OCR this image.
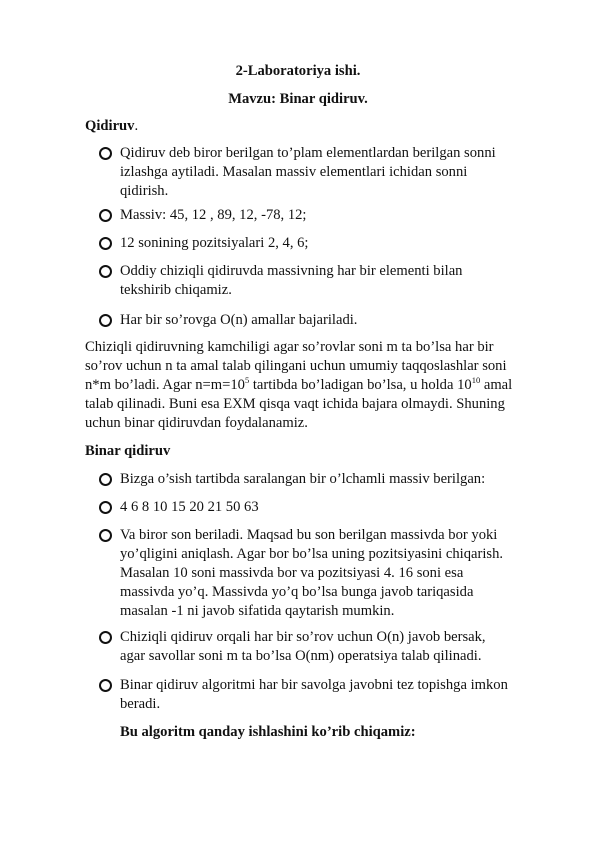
2-Laboratoriya ishi.
Mavzu: Binar qidiruv.
Qidiruv.
Qidiruv deb biror berilgan to’plam elementlardan berilgan sonni
izlashga aytiladi. Masalan massiv elementlari ichidan sonni
qidirish.
Massiv: 45, 12 , 89, 12, -78, 12;
12 sonining pozitsiyalari 2, 4, 6;
Oddiy chiziqli qidiruvda massivning har bir elementi bilan
tekshirib chiqamiz.
Har bir so’rovga O(n) amallar bajariladi.
Chiziqli qidiruvning kamchiligi agar so’rovlar soni m ta bo’lsa har bir
so’rov uchun n ta amal talab qilingani uchun umumiy taqqoslashlar soni
n*m bo’ladi. Agar $n=m=10^5$ tartibda bo’ladigan bo’lsa, u holda $10^{10}$ amal
talab qilinadi. Buni esa EXM qisqa vaqt ichida bajara olmaydi. Shuning
uchun binar qidiruvdan foydalanamiz.
Binar qidiruv
Bizga o’sish tartibda saralangan bir o’lchamli massiv berilgan:
4 6 8 10 15 20 21 50 63
Va biror son beriladi. Maqsad bu son berilgan massivda bor yoki
yo’qligini aniqlash. Agar bor bo’lsa uning pozitsiyasini chiqarish.
Masalan 10 soni massivda bor va pozitsiyasi 4. 16 soni esa
massivda yo’q. Massivda yo’q bo’lsa bunga javob tariqasida
masalan -1 ni javob sifatida qaytarish mumkin.
Chiziqli qidiruv orqali har bir so’rov uchun O(n) javob bersak,
agar savollar soni m ta bo’lsa O(nm) operatsiya talab qilinadi.
Binar qidiruv algoritmi har bir savolga javobni tez topishga imkon
beradi.
Bu algoritm qanday ishlashini ko’rib chiqamiz:
